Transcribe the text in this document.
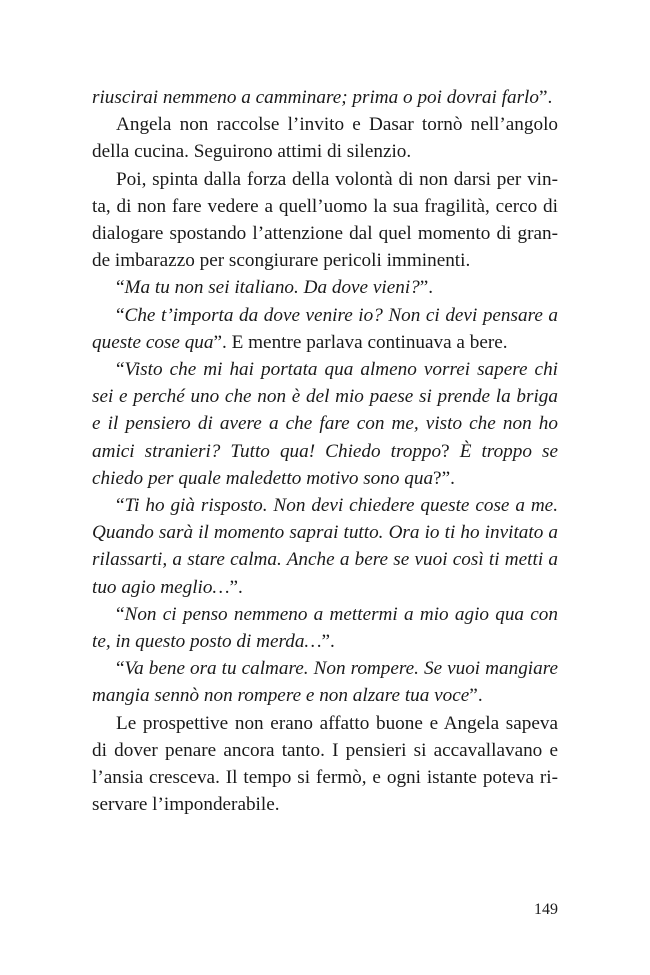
riuscirai nemmeno a camminare; prima o poi dovrai farlo”.

Angela non raccolse l’invito e Dasar tornò nell’angolo della cucina. Seguirono attimi di silenzio.

Poi, spinta dalla forza della volontà di non darsi per vinta, di non fare vedere a quell’uomo la sua fragilità, cerco di dialogare spostando l’attenzione dal quel momento di grande imbarazzo per scongiurare pericoli imminenti.

“Ma tu non sei italiano. Da dove vieni?”.

“Che t’importa da dove venire io? Non ci devi pensare a queste cose qua”. E mentre parlava continuava a bere.

“Visto che mi hai portata qua almeno vorrei sapere chi sei e perché uno che non è del mio paese si prende la briga e il pensiero di avere a che fare con me, visto che non ho amici stranieri? Tutto qua! Chiedo troppo? È troppo se chiedo per quale maledetto motivo sono qua?”.

“Ti ho già risposto. Non devi chiedere queste cose a me. Quando sarà il momento saprai tutto. Ora io ti ho invitato a rilassarti, a stare calma. Anche a bere se vuoi così ti metti a tuo agio meglio…”.

“Non ci penso nemmeno a mettermi a mio agio qua con te, in questo posto di merda…”.

“Va bene ora tu calmare. Non rompere. Se vuoi mangiare mangia sennò non rompere e non alzare tua voce”.

Le prospettive non erano affatto buone e Angela sapeva di dover penare ancora tanto. I pensieri si accavallavano e l’ansia cresceva. Il tempo si fermò, e ogni istante poteva riservare l’imponderabile.

149
